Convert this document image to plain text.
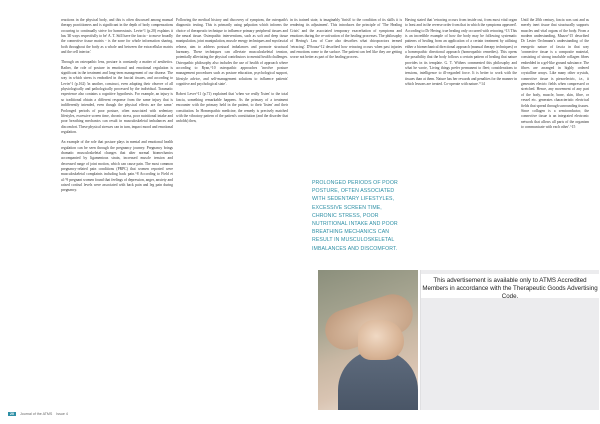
reactions in the physical body, and this is often discussed among manual therapy practitioners and is significant in the depth of body compensations occurring to continually strive for homeostasis. Levin^1 (p.20) explains it has '40 ways respectfully to be' A. T. Still have the fascia - to move broadly the connective tissue matrix - is the zone for whole information sharing, both throughout the body as a whole and between the extracellular matrix and the cell interior.'

Through an osteopathic lens, posture is constantly a matter of aesthetics. Rather, the role of posture in emotional and emotional regulation is significant in the treatment and long-term management of our disease. The way in which stress is embodied in the fascial tissues, and according to Levin^1 (p.162) 'in another, construct, even adapting their observe of all physiologically and pathologically processed by the individual. Traumatic experience also contains a cognitive hypothesis. For example, an injury is so traditional obtain a different response from the same injury that is indifferently intended, even though the physical effects are the same.' Prolonged periods of poor posture, often associated with sedentary lifestyles, excessive screen time, chronic stress, poor nutritional intake and poor breathing mechanics can result in musculoskeletal imbalances and discomfort. These physical stresses can in turn, impact mood and emotional regulation.

An example of the role that posture plays in mental and emotional health regulation can be seen through the pregnancy journey. Pregnancy brings dramatic musculoskeletal changes that alter normal biomechanics accompanied by ligamentous strain, increased muscle tension and decreased range of joint motion, which can cause pain. The most common pregnancy-related pain conditions (PRPC) that women reported were musculoskeletal complaints including back pain.^8 According to Field et al.^9 pregnant women found that feelings of depression, anger, anxiety and raised cortisol levels were associated with back pain and leg pain during pregnancy.

Following the medical history and discovery of symptom, the osteopath's diagnostic testing. This is primarily using palpation which informs the choice of therapeutic technique to influence primary peripheral tissues and the neural tissue. Osteopathic interventions, such as soft and deep tissue manipulation, joint manipulation, muscle energy techniques and myofascial release, aim to address postural imbalances and promote structural harmony. These techniques can alleviate musculoskeletal tension, potentially alleviating the physical contributors to mental health challenges. Osteopathic philosophy also includes the use of health of approach where according to Ryan,^10 osteopathic approaches 'involve posture management procedures such as posture education, psychological support, lifestyle advice, and self-management solutions to influence patients' cognitive and psychological state'.

Robert Lever^11 (p.71) explained that 'when we really 'listen' to the total fascia, something remarkable happens. As the primary of a treatment encounter with the primary held in the patient, to their 'listen' and their constitution. In Homeopathic medicine, the remedy is precisely matched with the vibratory pattern of the patient's constitution (and the disorder that unfolds) then,

in its trained state, is imaginably 'finish' to the condition of its skills it is rendering its adjustment'. This introduces the principle of 'The Healing Crisis' and the associated temporary exacerbation of symptoms and emotions during the re-activation of the healing processes. The philosophy of Hering's Law of Cure also describes what chiropractors termed 'retracing'. D'Souza^12 described how retracing occurs when past injuries and emotions come to the surface. The patient can feel like they are getting worse not better as part of the healing process.

PROLONGED PERIODS OF POOR POSTURE, OFTEN ASSOCIATED WITH SEDENTARY LIFESTYLES, EXCESSIVE SCREEN TIME, CHRONIC STRESS, POOR NUTRITIONAL INTAKE AND POOR BREATHING MECHANICS CAN RESULT IN MUSCULOSKELETAL IMBALANCES AND DISCOMFORT.

Having stated that 'retracing occurs from inside out, from most vital organ to least and in the reverse order from that in which the symptoms appeared'. According to Dr Hering, true healing only occurred with retracing.^13 This is an incredible example of how the body may be following systematic patterns of healing from an application of a certain treatment by utilising either a biomechanical directional approach (manual therapy techniques) or a homeopathic directional approach (homeopathic remedies). This opens the possibility that the body follows a certain pattern of healing that nature provides in its template. G. T. Withers commented this philosophy and what he wrote, 'Living things prefer permanent to fleet; considerations to tensions, intelligence to ill-regarded force. It is better to work with the tissues than at them. Nature has her rewards and penalties for the manner in which lessons are treated. Co-operate with nature.'^14

Until the 20th century, fascia was cast and as merely inert tissue that structurally supports muscles and vital organs of the body. From a modern understanding, Mazzo^15 described Dr Lester Orchmann's understanding of the energetic nature of fascia in that way 'connective tissue is a composite material, consisting of strong insoluble collagen fibres embedded in a gel-like ground substance. The fibres are arranged in highly ordered crystalline arrays. Like many other crystals, connective tissue is piezoelectric, i.e., it generates electric fields when compressed or stretched. Hence, any movement of any part of the body, muscle, bone, skin, fibre, or vessel etc. generates characteristic electrical fields that spread through surrounding tissues. Since collagen is a semiconductor, the connective tissue is an integrated electronic network that allows all parts of the organism to communicate with each other'.^15

This advertisement is available only to ATMS Accredited Members in accordance with the Therapeutic Goods Advertising Code.
20	Journal of the ATMS Issue 4
